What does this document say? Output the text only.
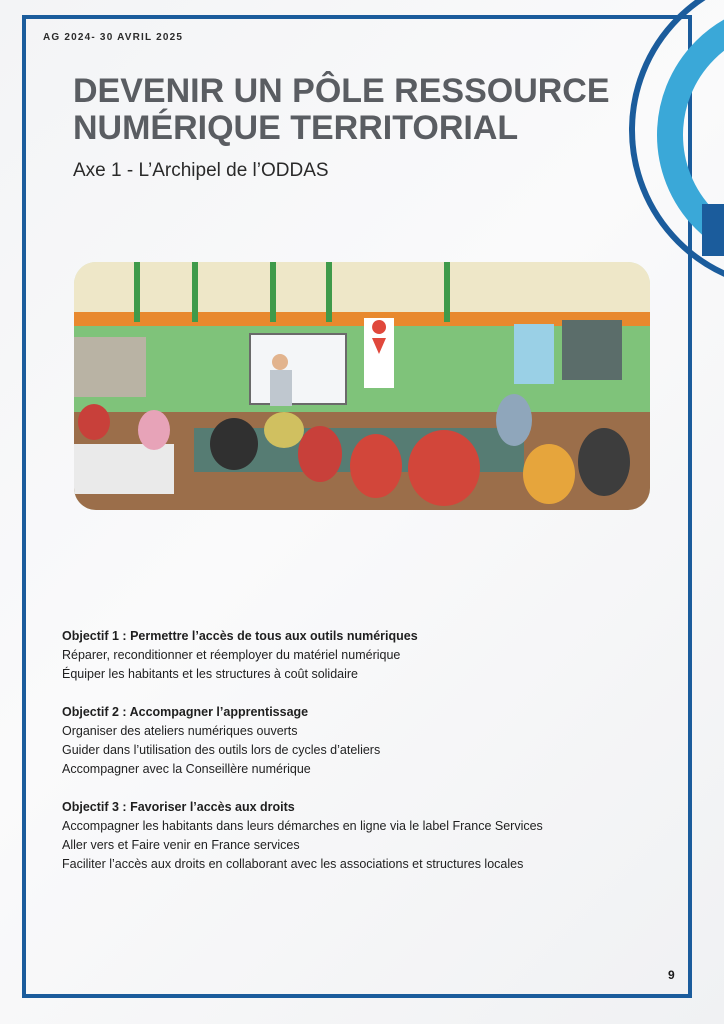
AG 2024- 30 AVRIL 2025
DEVENIR UN PÔLE RESSOURCE
NUMÉRIQUE TERRITORIAL
Axe 1 - L’Archipel de l’ODDAS
Objectif 1 : Permettre l’accès de tous aux outils numériques
Réparer, reconditionner et réemployer du matériel numérique
Équiper les habitants et les structures à coût solidaire
Objectif 2 : Accompagner l’apprentissage
Organiser des ateliers numériques ouverts
Guider dans l’utilisation des outils lors de cycles d’ateliers
Accompagner avec la Conseillère numérique
Objectif 3 : Favoriser l’accès aux droits
Accompagner les habitants dans leurs démarches en ligne via le label France Services
Aller vers et Faire venir en France services
Faciliter l’accès aux droits en collaborant avec les associations et structures locales
9
